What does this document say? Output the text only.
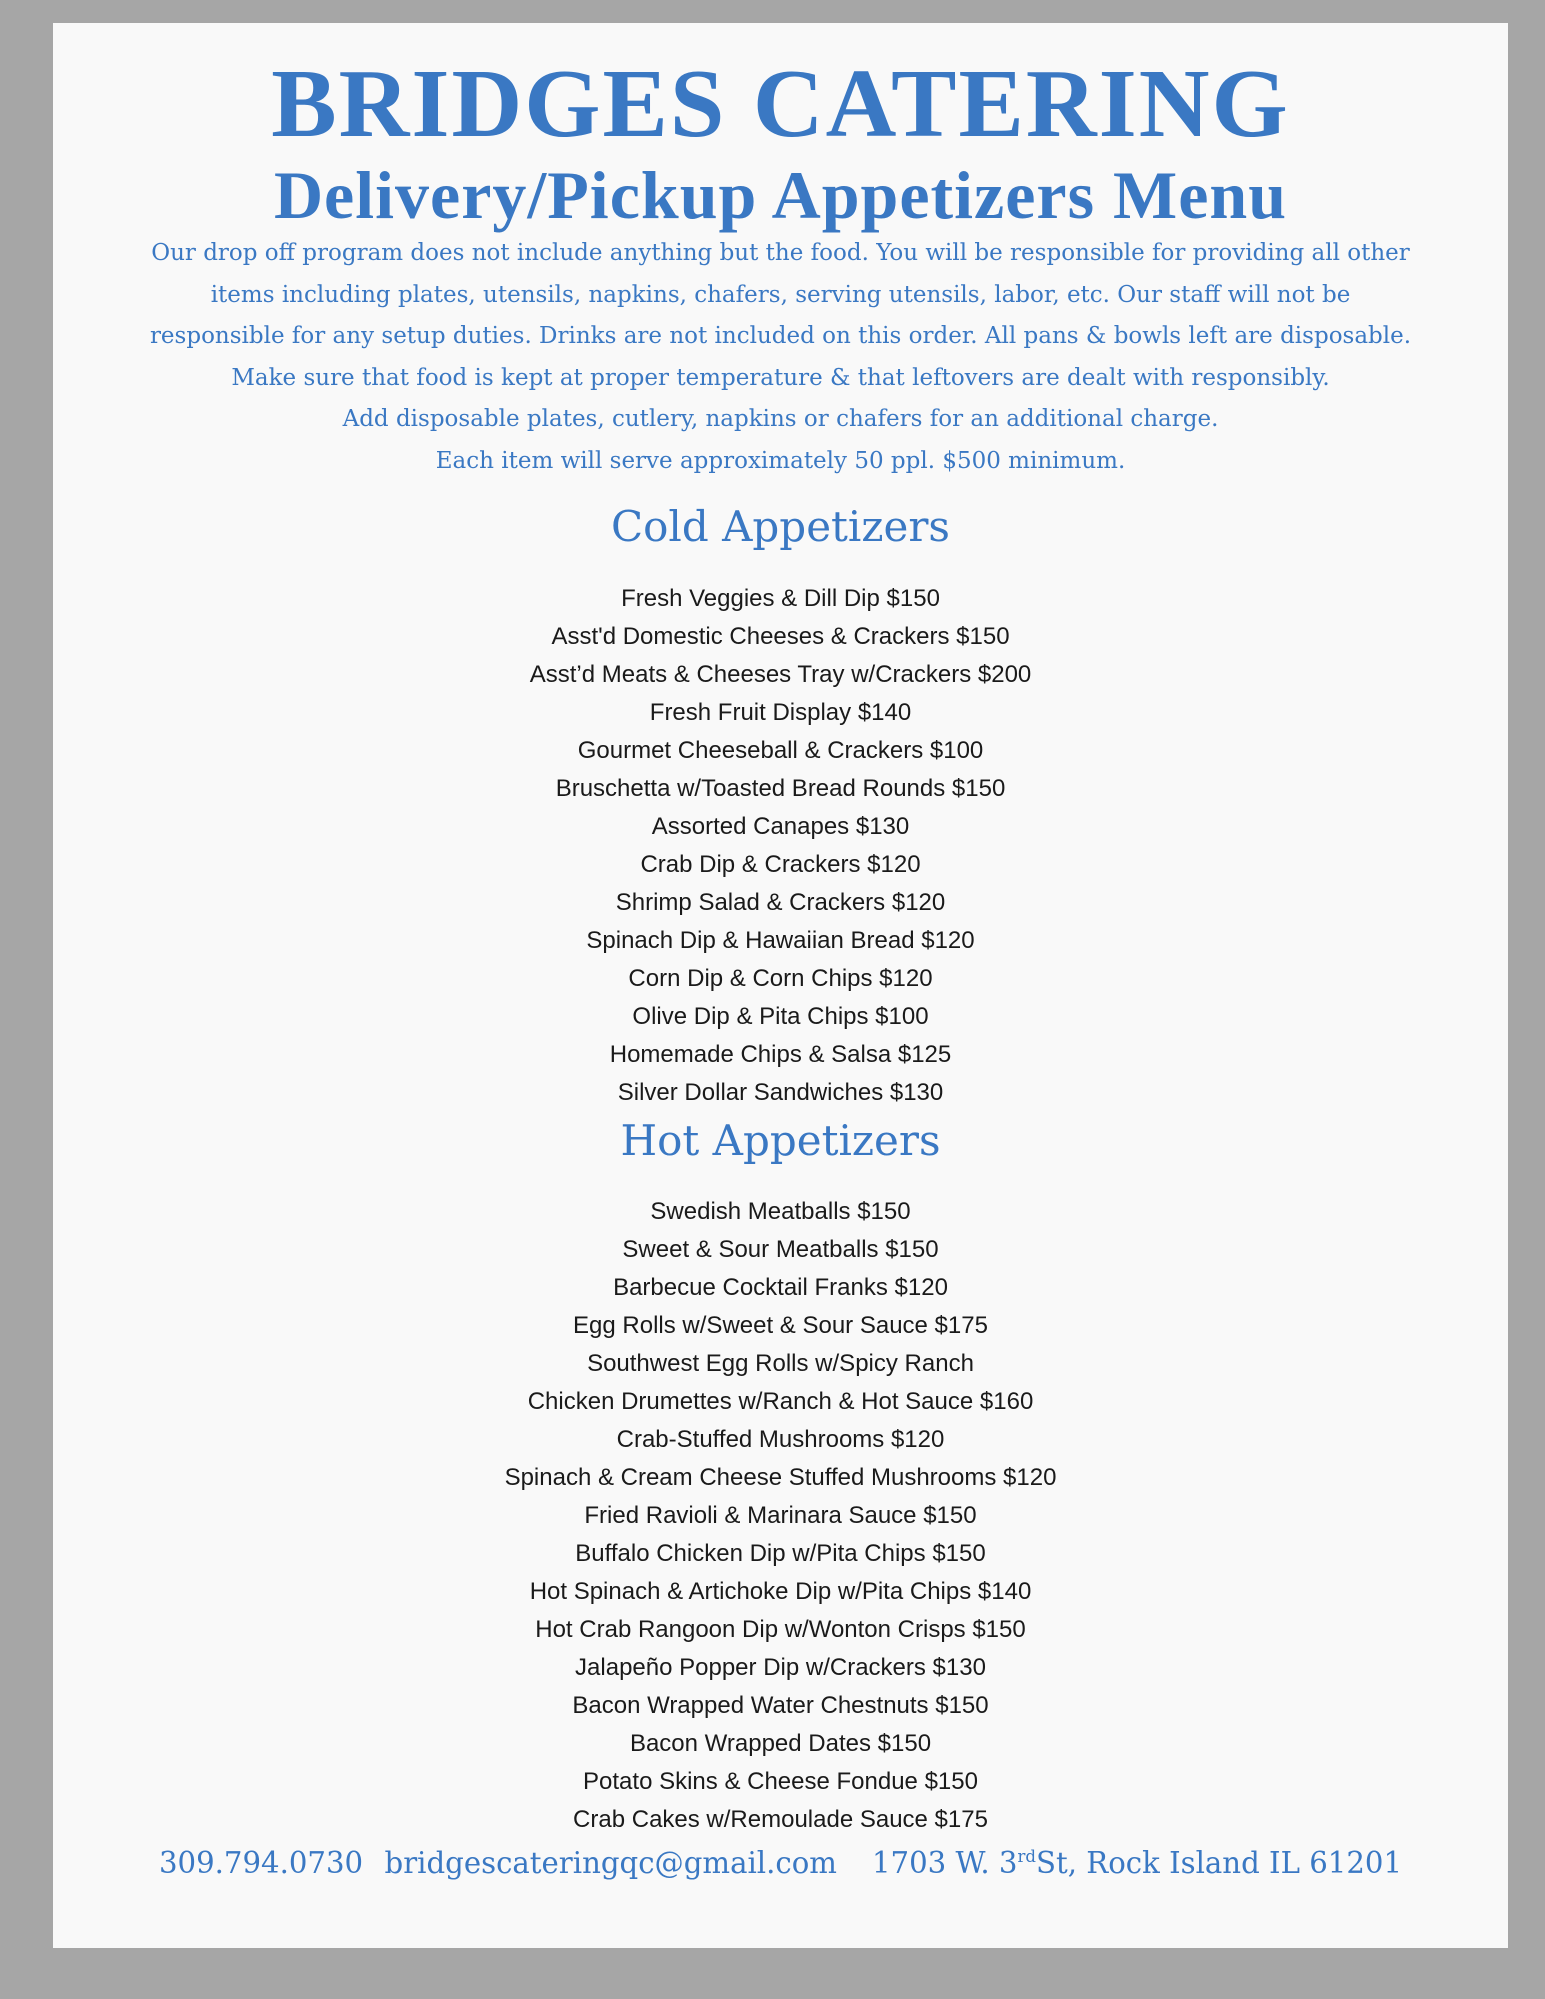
BRIDGES CATERING
Delivery/Pickup Appetizers Menu
Our drop off program does not include anything but the food. You will be responsible for providing all other
items including plates, utensils, napkins, chafers, serving utensils, labor, etc. Our staff will not be
responsible for any setup duties. Drinks are not included on this order. All pans & bowls left are disposable.
Make sure that food is kept at proper temperature & that leftovers are dealt with responsibly.
Add disposable plates, cutlery, napkins or chafers for an additional charge.
Each item will serve approximately 50 ppl. $500 minimum.
Cold Appetizers
Fresh Veggies & Dill Dip $150
Asst'd Domestic Cheeses & Crackers $150
Asst’d Meats & Cheeses Tray w/Crackers $200
Fresh Fruit Display $140
Gourmet Cheeseball & Crackers $100
Bruschetta w/Toasted Bread Rounds $150
Assorted Canapes $130
Crab Dip & Crackers $120
Shrimp Salad & Crackers $120
Spinach Dip & Hawaiian Bread $120
Corn Dip & Corn Chips $120
Olive Dip & Pita Chips $100
Homemade Chips & Salsa $125
Silver Dollar Sandwiches $130
Hot Appetizers
Swedish Meatballs $150
Sweet & Sour Meatballs $150
Barbecue Cocktail Franks $120
Egg Rolls w/Sweet & Sour Sauce $175
Southwest Egg Rolls w/Spicy Ranch
Chicken Drumettes w/Ranch & Hot Sauce $160
Crab-Stuffed Mushrooms $120
Spinach & Cream Cheese Stuffed Mushrooms $120
Fried Ravioli & Marinara Sauce $150
Buffalo Chicken Dip w/Pita Chips $150
Hot Spinach & Artichoke Dip w/Pita Chips $140
Hot Crab Rangoon Dip w/Wonton Crisps $150
Jalapeño Popper Dip w/Crackers $130
Bacon Wrapped Water Chestnuts $150
Bacon Wrapped Dates $150
Potato Skins & Cheese Fondue $150
Crab Cakes w/Remoulade Sauce $175
309.794.0730 bridgescateringqc@gmail.com 1703 W. 3rdSt, Rock Island IL 61201
